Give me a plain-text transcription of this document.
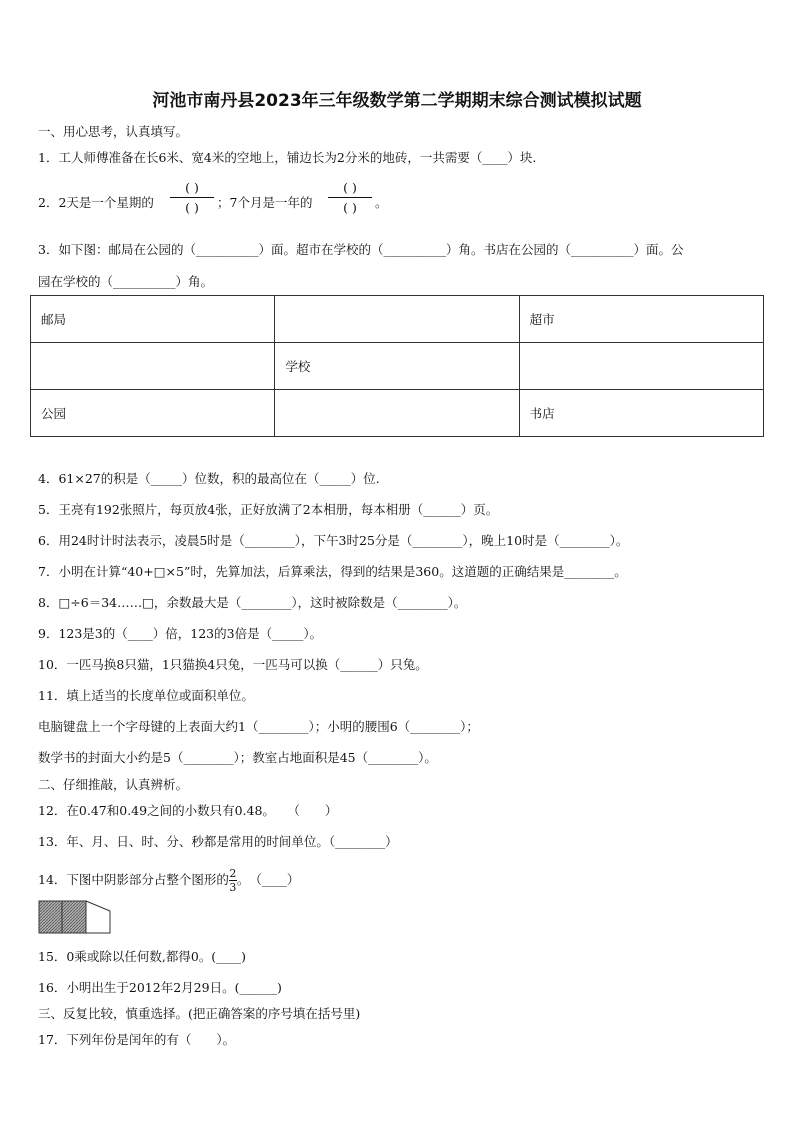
河池市南丹县2023年三年级数学第二学期期末综合测试模拟试题
一、用心思考，认真填写。
1．工人师傅准备在长6米、宽4米的空地上，铺边长为2分米的地砖，一共需要（____）块.
2．2天是一个星期的
( )
( )	；7个月是一年的
( )
( )	。
3．如下图：邮局在公园的（__________）面。超市在学校的（__________）角。书店在公园的（__________）面。公
园在学校的（__________）角。
邮局		超市
	学校	
公园		书店
4．61×27的积是（_____）位数，积的最高位在（_____）位.
5．王亮有192张照片，每页放4张，正好放满了2本相册，每本相册（______）页。
6．用24时计时法表示，凌晨5时是（________），下午3时25分是（________），晚上10时是（________）。
7．小明在计算“40+□×5”时，先算加法，后算乘法，得到的结果是360。这道题的正确结果是________。
8．□÷6＝34……□，余数最大是（________），这时被除数是（________）。
9．123是3的（____）倍，123的3倍是（_____）。
10．一匹马换8只猫，1只猫换4只兔，一匹马可以换（______）只兔。
11．填上适当的长度单位或面积单位。
电脑键盘上一个字母键的上表面大约1（________）；小明的腰围6（________）；
数学书的封面大小约是5（________）；教室占地面积是45（________）。
二、仔细推敲，认真辨析。
12．在0.47和0.49之间的小数只有0.48。　　（　　）
13．年、月、日、时、分、秒都是常用的时间单位。（________）
14．下图中阴影部分占整个图形的 $\frac{2}{3}$ 。　（____）
15．0乘或除以任何数,都得0。(____)
16．小明出生于2012年2月29日。(______)
三、反复比较，慎重选择。(把正确答案的序号填在括号里)
17．下列年份是闰年的有（　　）。
